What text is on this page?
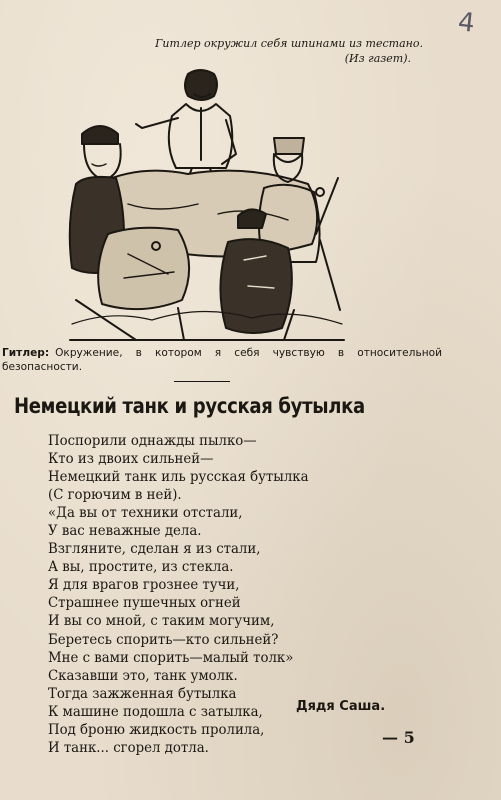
4
Гитлер окружил себя шпинами из тестано.
(Из газет).
Гитлер: Окружение, в котором я себя чувствую в относительной безопасности.
Немецкий танк и русская бутылка
Поспорили однажды пылко—
Кто из двоих сильней—
Немецкий танк иль русская бутылка
(С горючим в ней).
«Да вы от техники отстали,
У вас неважные дела.
Взгляните, сделан я из стали,
А вы, простите, из стекла.
Я для врагов грознее тучи,
Страшнее пушечных огней
И вы со мной, с таким могучим,
Беретесь спорить—кто сильней?
Мне с вами спорить—малый толк»
Сказавши это, танк умолк.
Тогда зажженная бутылка
К машине подошла с затылка,
Под броню жидкость пролила,
И танк... сгорел дотла.
Дядя Саша.
— 5
